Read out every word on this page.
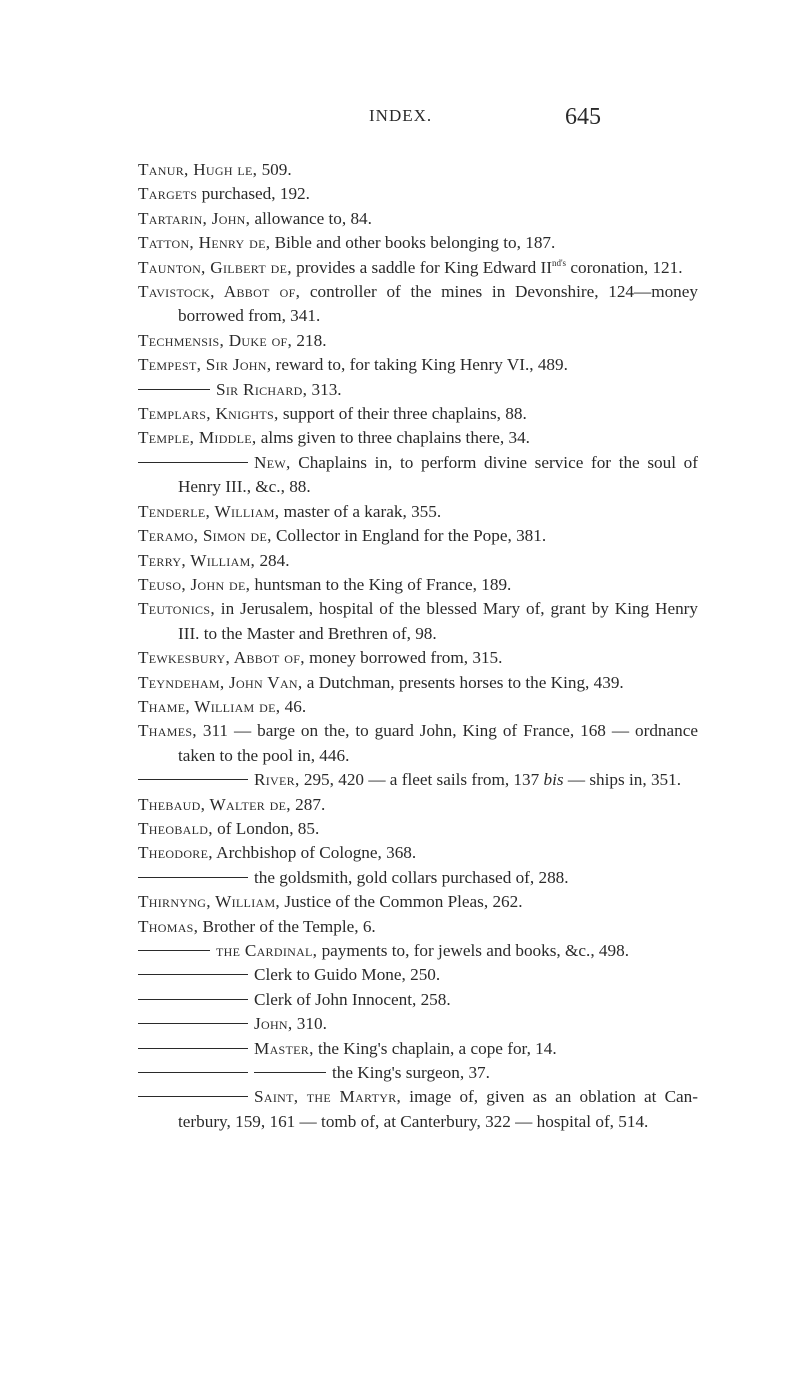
INDEX.	645
Tanur, Hugh le, 509.
Targets purchased, 192.
Tartarin, John, allowance to, 84.
Tatton, Henry de, Bible and other books belonging to, 187.
Taunton, Gilbert de, provides a saddle for King Edward $II^{nd's}$ coronation, 121.
Tavistock, Abbot of, controller of the mines in Devonshire, 124—money borrowed from, 341.
Techmensis, Duke of, 218.
Tempest, Sir John, reward to, for taking King Henry VI., 489.
Sir Richard, 313.
Templars, Knights, support of their three chaplains, 88.
Temple, Middle, alms given to three chaplains there, 34.
New, Chaplains in, to perform divine service for the soul of Henry III., &c., 88.
Tenderle, William, master of a karak, 355.
Teramo, Simon de, Collector in England for the Pope, 381.
Terry, William, 284.
Teuso, John de, huntsman to the King of France, 189.
Teutonics, in Jerusalem, hospital of the blessed Mary of, grant by King Henry III. to the Master and Brethren of, 98.
Tewkesbury, Abbot of, money borrowed from, 315.
Teyndeham, John Van, a Dutchman, presents horses to the King, 439.
Thame, William de, 46.
Thames, 311 — barge on the, to guard John, King of France, 168 — ordnance taken to the pool in, 446.
River, 295, 420 — a fleet sails from, 137 bis — ships in, 351.
Thebaud, Walter de, 287.
Theobald, of London, 85.
Theodore, Archbishop of Cologne, 368.
the goldsmith, gold collars purchased of, 288.
Thirnyng, William, Justice of the Common Pleas, 262.
Thomas, Brother of the Temple, 6.
the Cardinal, payments to, for jewels and books, &c., 498.
Clerk to Guido Mone, 250.
Clerk of John Innocent, 258.
John, 310.
Master, the King's chaplain, a cope for, 14.
the King's surgeon, 37.
Saint, the Martyr, image of, given as an oblation at Canterbury, 159, 161 — tomb of, at Canterbury, 322 — hospital of, 514.
